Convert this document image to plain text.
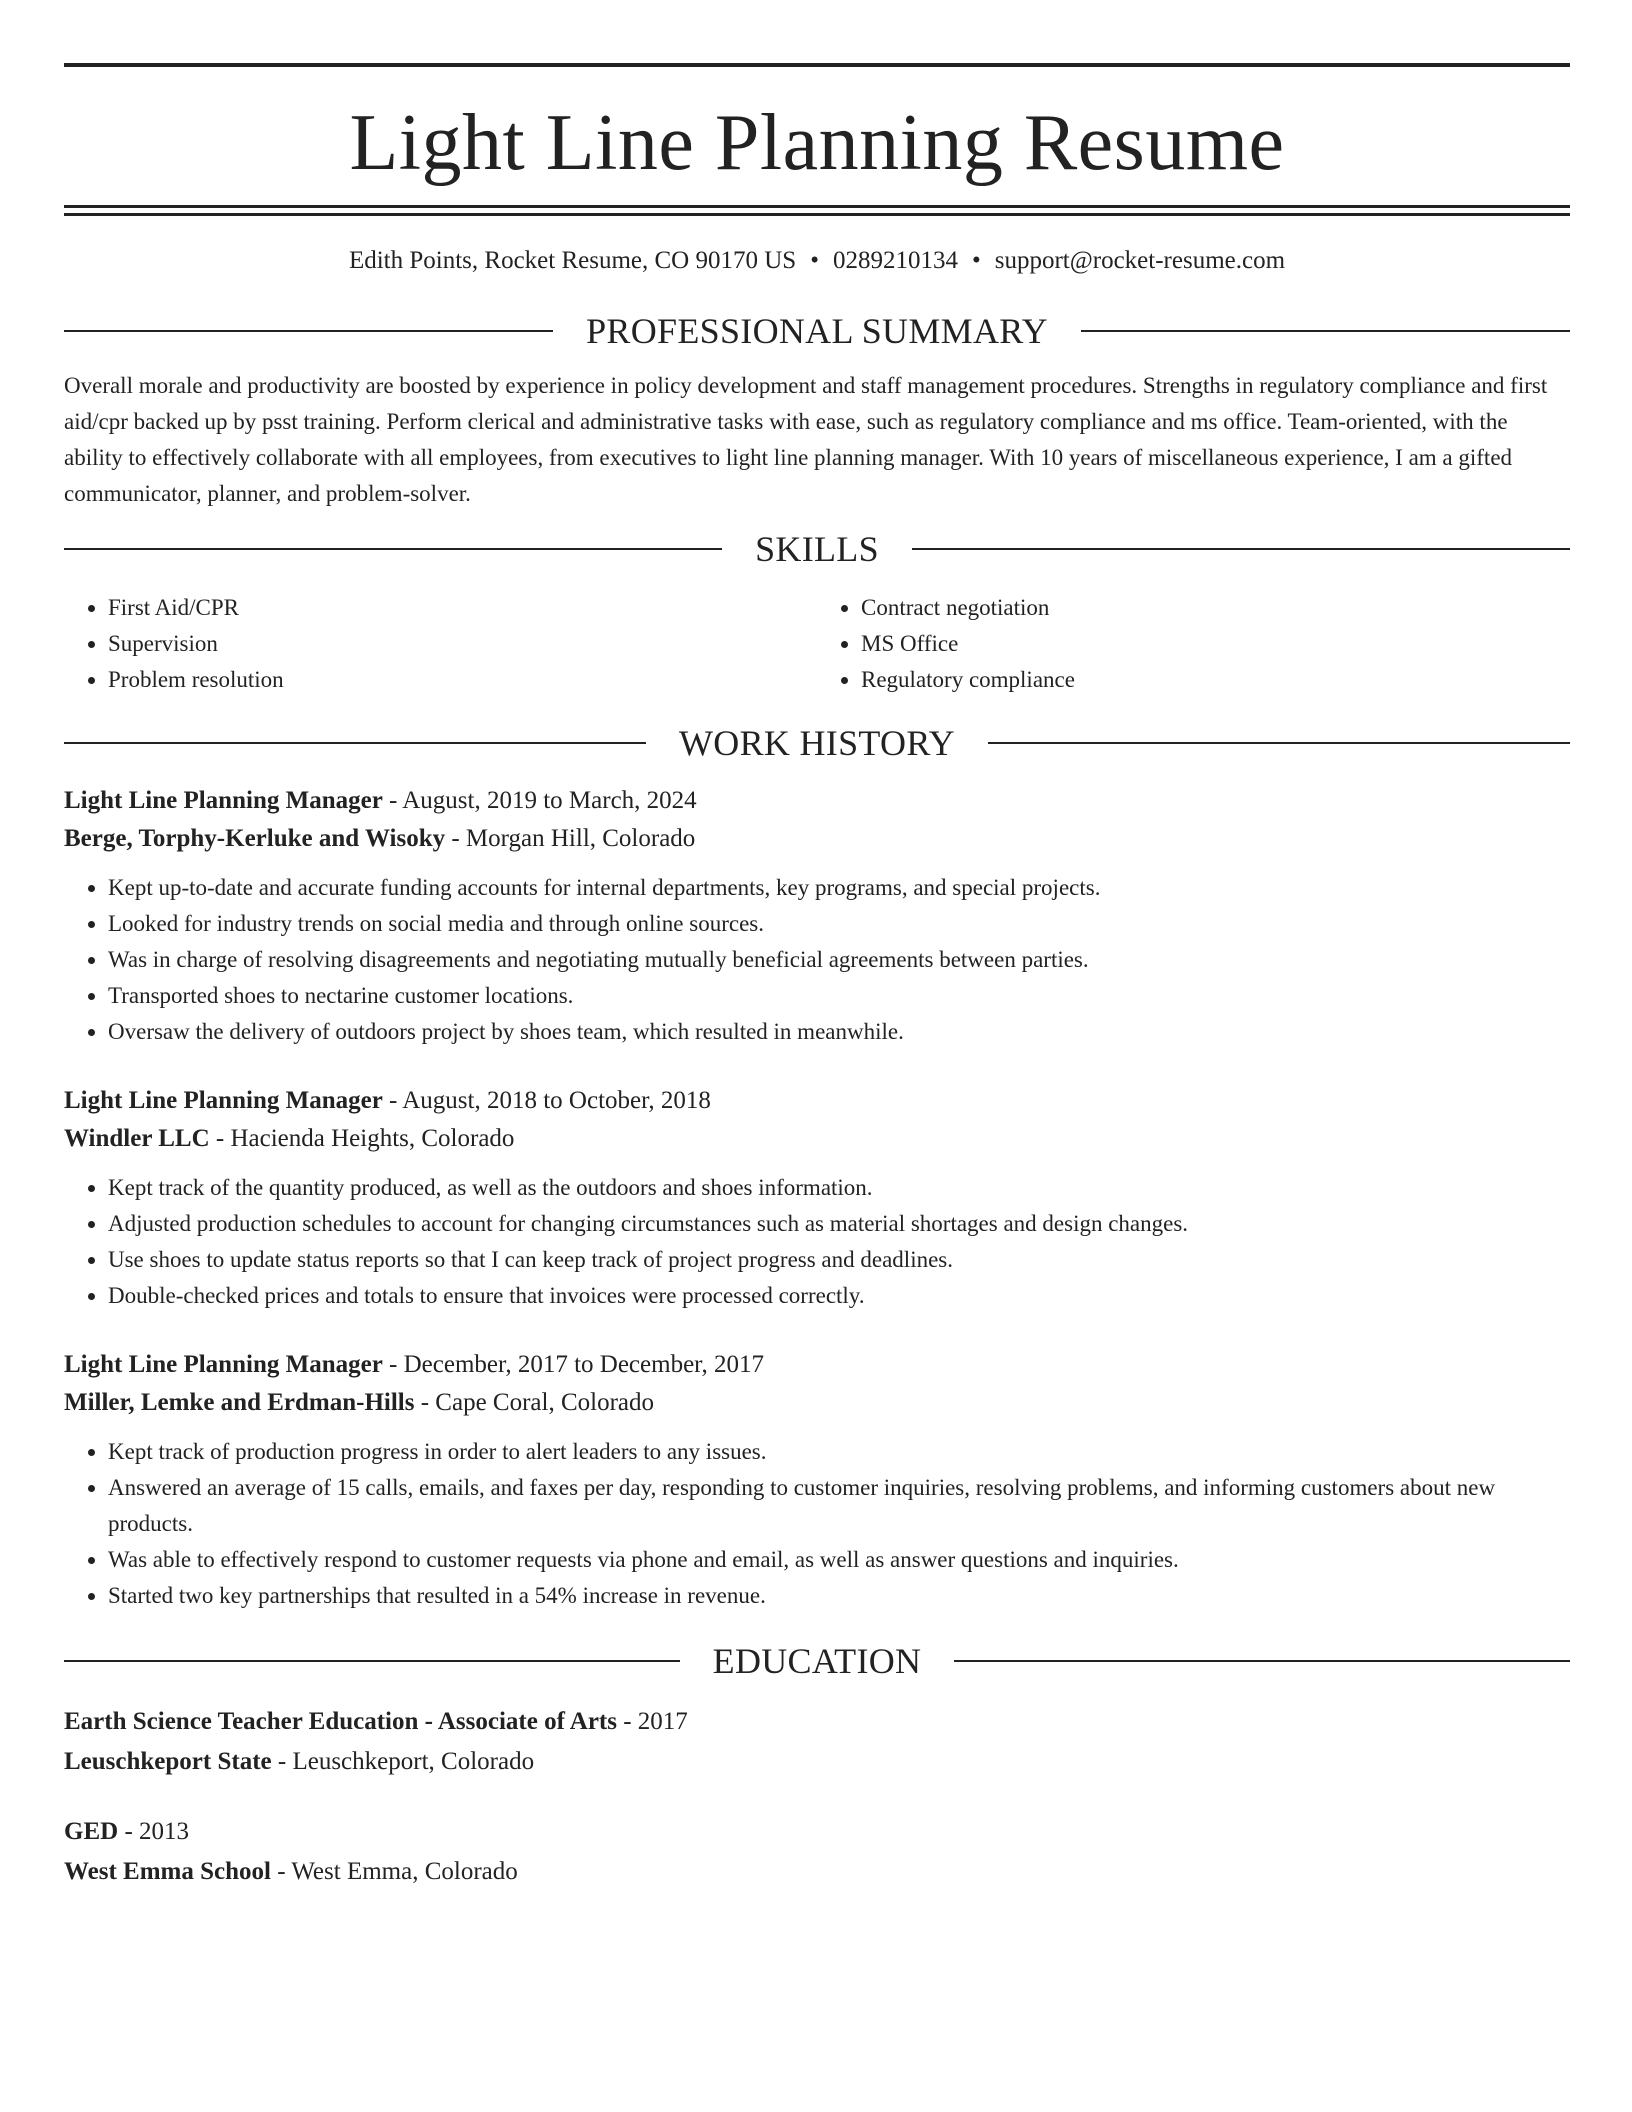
Light Line Planning Resume
Edith Points, Rocket Resume, CO 90170 US • 0289210134 • support@rocket-resume.com
PROFESSIONAL SUMMARY

Overall morale and productivity are boosted by experience in policy development and staff management procedures. Strengths in regulatory compliance and first aid/cpr backed up by psst training. Perform clerical and administrative tasks with ease, such as regulatory compliance and ms office. Team-oriented, with the ability to effectively collaborate with all employees, from executives to light line planning manager. With 10 years of miscellaneous experience, I am a gifted communicator, planner, and problem-solver.

SKILLS
• First Aid/CPR
• Supervision
• Problem resolution
• Contract negotiation
• MS Office
• Regulatory compliance
WORK HISTORY
Light Line Planning Manager - August, 2019 to March, 2024
Berge, Torphy-Kerluke and Wisoky - Morgan Hill, Colorado
• Kept up-to-date and accurate funding accounts for internal departments, key programs, and special projects.
• Looked for industry trends on social media and through online sources.
• Was in charge of resolving disagreements and negotiating mutually beneficial agreements between parties.
• Transported shoes to nectarine customer locations.
• Oversaw the delivery of outdoors project by shoes team, which resulted in meanwhile.
Light Line Planning Manager - August, 2018 to October, 2018
Windler LLC - Hacienda Heights, Colorado
• Kept track of the quantity produced, as well as the outdoors and shoes information.
• Adjusted production schedules to account for changing circumstances such as material shortages and design changes.
• Use shoes to update status reports so that I can keep track of project progress and deadlines.
• Double-checked prices and totals to ensure that invoices were processed correctly.
Light Line Planning Manager - December, 2017 to December, 2017
Miller, Lemke and Erdman-Hills - Cape Coral, Colorado
• Kept track of production progress in order to alert leaders to any issues.
• Answered an average of 15 calls, emails, and faxes per day, responding to customer inquiries, resolving problems, and informing customers about new products.
• Was able to effectively respond to customer requests via phone and email, as well as answer questions and inquiries.
• Started two key partnerships that resulted in a 54% increase in revenue.
EDUCATION
Earth Science Teacher Education - Associate of Arts - 2017
Leuschkeport State - Leuschkeport, Colorado
GED - 2013
West Emma School - West Emma, Colorado
